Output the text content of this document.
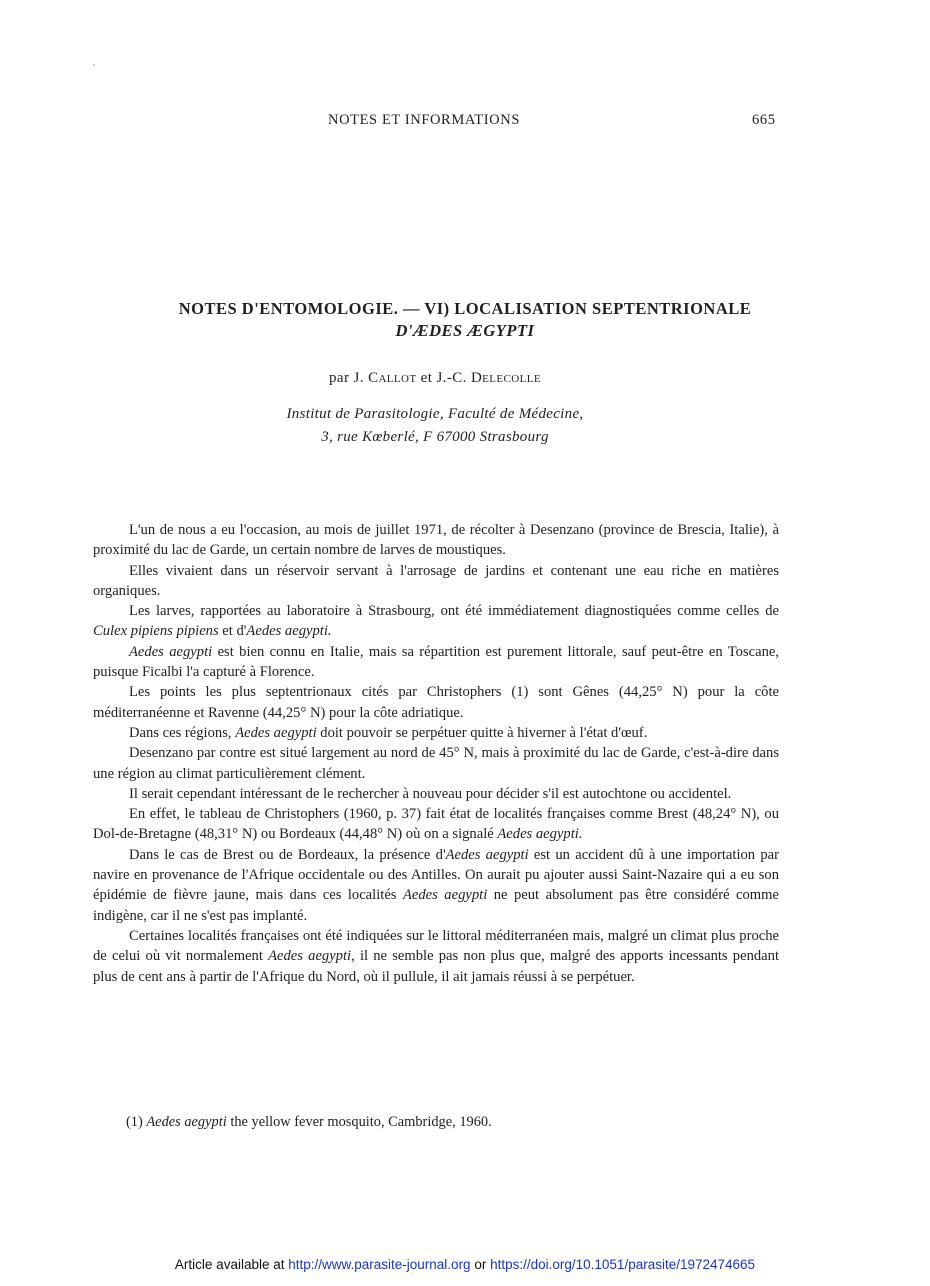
NOTES ET INFORMATIONS	665
NOTES D'ENTOMOLOGIE. — VI) LOCALISATION SEPTENTRIONALE
D'ÆDES ÆGYPTI
par J. Callot et J.-C. Delecolle
Institut de Parasitologie, Faculté de Médecine,
3, rue Kœberlé, F 67000 Strasbourg

L'un de nous a eu l'occasion, au mois de juillet 1971, de récolter à Desenzano (province de Brescia, Italie), à proximité du lac de Garde, un certain nombre de larves de moustiques.

Elles vivaient dans un réservoir servant à l'arrosage de jardins et contenant une eau riche en matières organiques.

Les larves, rapportées au laboratoire à Strasbourg, ont été immédiatement diagnostiquées comme celles de Culex pipiens pipiens et d'Aedes aegypti.

Aedes aegypti est bien connu en Italie, mais sa répartition est purement littorale, sauf peut-être en Toscane, puisque Ficalbi l'a capturé à Florence.

Les points les plus septentrionaux cités par Christophers (1) sont Gênes (44,25° N) pour la côte méditerranéenne et Ravenne (44,25° N) pour la côte adriatique.

Dans ces régions, Aedes aegypti doit pouvoir se perpétuer quitte à hiverner à l'état d'œuf.

Desenzano par contre est situé largement au nord de 45° N, mais à proximité du lac de Garde, c'est-à-dire dans une région au climat particulièrement clément.

Il serait cependant intéressant de le rechercher à nouveau pour décider s'il est autochtone ou accidentel.

En effet, le tableau de Christophers (1960, p. 37) fait état de localités françaises comme Brest (48,24° N), ou Dol-de-Bretagne (48,31° N) ou Bordeaux (44,48° N) où on a signalé Aedes aegypti.

Dans le cas de Brest ou de Bordeaux, la présence d'Aedes aegypti est un accident dû à une importation par navire en provenance de l'Afrique occidentale ou des Antilles. On aurait pu ajouter aussi Saint-Nazaire qui a eu son épidémie de fièvre jaune, mais dans ces localités Aedes aegypti ne peut absolument pas être considéré comme indigène, car il ne s'est pas implanté.

Certaines localités françaises ont été indiquées sur le littoral méditerranéen mais, malgré un climat plus proche de celui où vit normalement Aedes aegypti, il ne semble pas non plus que, malgré des apports incessants pendant plus de cent ans à partir de l'Afrique du Nord, où il pullule, il ait jamais réussi à se perpétuer.

(1) Aedes aegypti the yellow fever mosquito, Cambridge, 1960.
Article available at http://www.parasite-journal.org or https://doi.org/10.1051/parasite/1972474665
